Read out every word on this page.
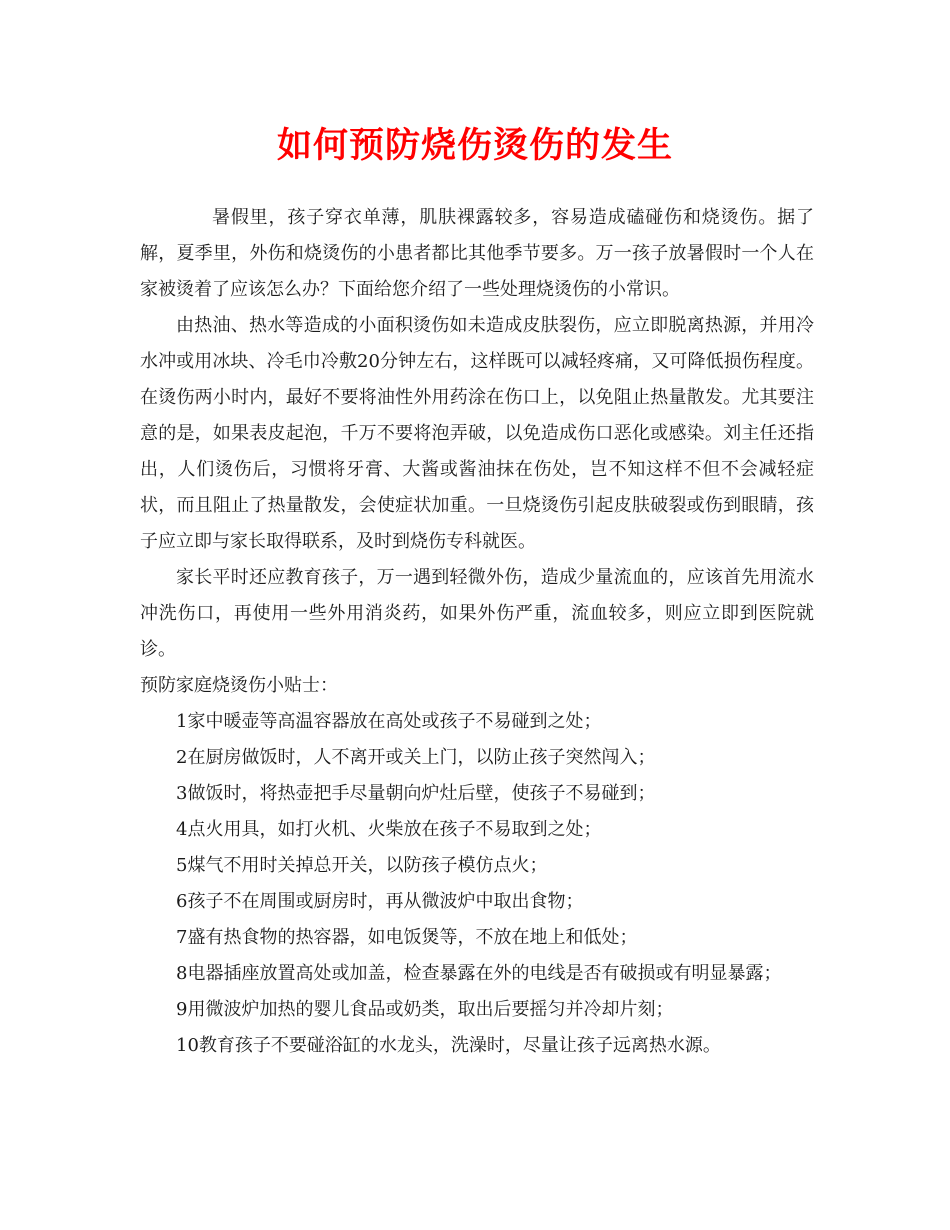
如何预防烧伤烫伤的发生

暑假里，孩子穿衣单薄，肌肤裸露较多，容易造成磕碰伤和烧烫伤。据了解，夏季里，外伤和烧烫伤的小患者都比其他季节要多。万一孩子放暑假时一个人在家被烫着了应该怎么办？下面给您介绍了一些处理烧烫伤的小常识。

由热油、热水等造成的小面积烫伤如未造成皮肤裂伤，应立即脱离热源，并用冷水冲或用冰块、冷毛巾冷敷20分钟左右，这样既可以减轻疼痛，又可降低损伤程度。在烫伤两小时内，最好不要将油性外用药涂在伤口上，以免阻止热量散发。尤其要注意的是，如果表皮起泡，千万不要将泡弄破，以免造成伤口恶化或感染。刘主任还指出，人们烫伤后，习惯将牙膏、大酱或酱油抹在伤处，岂不知这样不但不会减轻症状，而且阻止了热量散发，会使症状加重。一旦烧烫伤引起皮肤破裂或伤到眼睛，孩子应立即与家长取得联系，及时到烧伤专科就医。

家长平时还应教育孩子，万一遇到轻微外伤，造成少量流血的，应该首先用流水冲洗伤口，再使用一些外用消炎药，如果外伤严重，流血较多，则应立即到医院就诊。

预防家庭烧烫伤小贴士：

1家中暖壶等高温容器放在高处或孩子不易碰到之处；
2在厨房做饭时，人不离开或关上门，以防止孩子突然闯入；
3做饭时，将热壶把手尽量朝向炉灶后壁，使孩子不易碰到；
4点火用具，如打火机、火柴放在孩子不易取到之处；
5煤气不用时关掉总开关，以防孩子模仿点火；
6孩子不在周围或厨房时，再从微波炉中取出食物；
7盛有热食物的热容器，如电饭煲等，不放在地上和低处；
8电器插座放置高处或加盖，检查暴露在外的电线是否有破损或有明显暴露；
9用微波炉加热的婴儿食品或奶类，取出后要摇匀并冷却片刻；
10教育孩子不要碰浴缸的水龙头，洗澡时，尽量让孩子远离热水源。
